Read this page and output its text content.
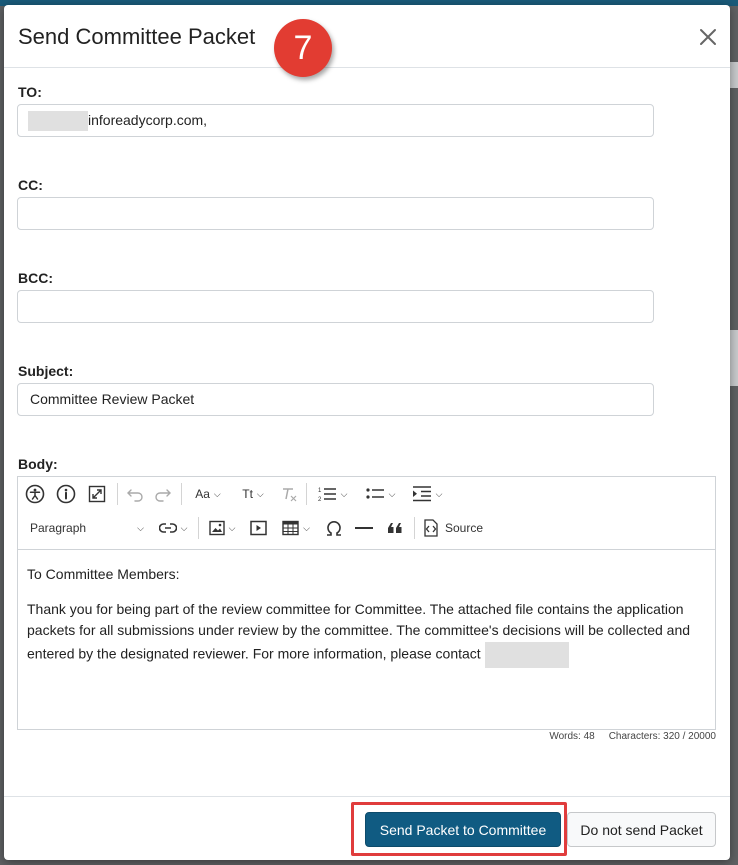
Send Committee Packet	7
TO:
inforeadycorp.com,
CC:
BCC:
Subject:
Committee Review Packet
Body:
Aa ⌵ Tt ⌵	1
2
⌵	⌵	⌵
Paragraph	⌵	⌵	⌵	⌵	Source

To Committee Members:

Thank you for being part of the review committee for Committee. The attached file contains the application packets for all submissions under review by the committee. The committee's decisions will be collected and entered by the designated reviewer. For more information, please contact

Words: 48 Characters: 320 / 20000
Send Packet to Committee	Do not send Packet
